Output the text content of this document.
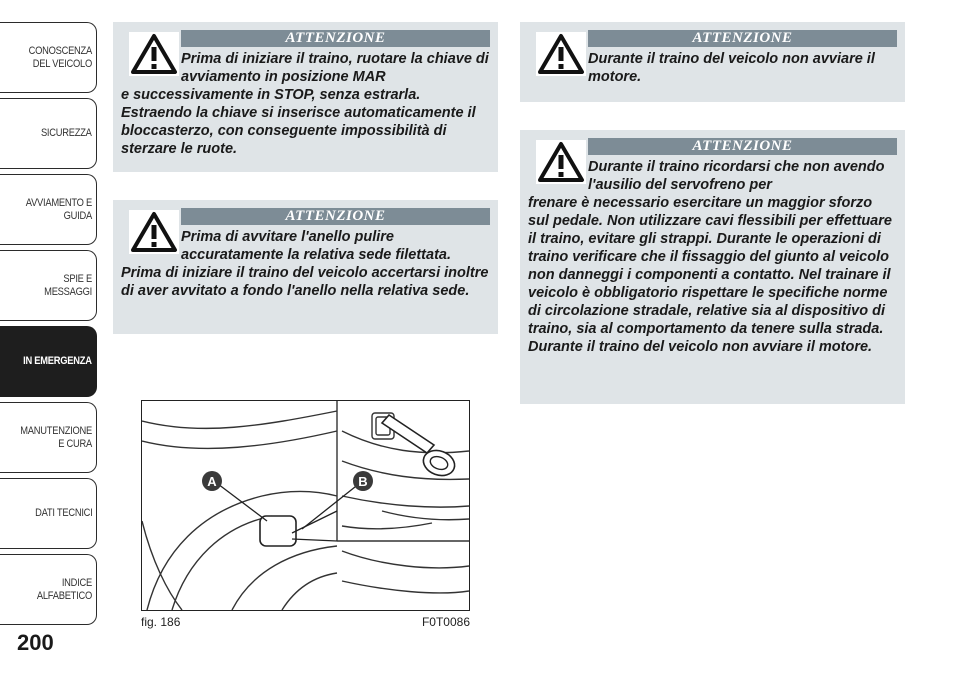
CONOSCENZA DEL VEICOLO
SICUREZZA
AVVIAMENTO E GUIDA
SPIE E MESSAGGI
IN EMERGENZA
MANUTENZIONE E CURA
DATI TECNICI
INDICE ALFABETICO
200
ATTENZIONE
Prima di iniziare il traino, ruotare la chiave di avviamento in posizione MAR
e successivamente in STOP, senza estrarla. Estraendo la chiave si inserisce automaticamente il bloccasterzo, con conseguente impossibilità di sterzare le ruote.
ATTENZIONE
Prima di avvitare l'anello pulire accuratamente la relativa sede filettata.
Prima di iniziare il traino del veicolo accertarsi inoltre di aver avvitato a fondo l'anello nella relativa sede.
ATTENZIONE
Durante il traino del veicolo non avviare il motore.
ATTENZIONE
Durante il traino ricordarsi che non avendo l'ausilio del servofreno per
frenare è necessario esercitare un maggior sforzo sul pedale. Non utilizzare cavi flessibili per effettuare il traino, evitare gli strappi. Durante le operazioni di traino verificare che il fissaggio del giunto al veicolo non danneggi i componenti a contatto. Nel trainare il veicolo è obbligatorio rispettare le specifiche norme di circolazione stradale, relative sia al dispositivo di traino, sia al comportamento da tenere sulla strada. Durante il traino del veicolo non avviare il motore.
A	B
fig. 186	F0T0086
